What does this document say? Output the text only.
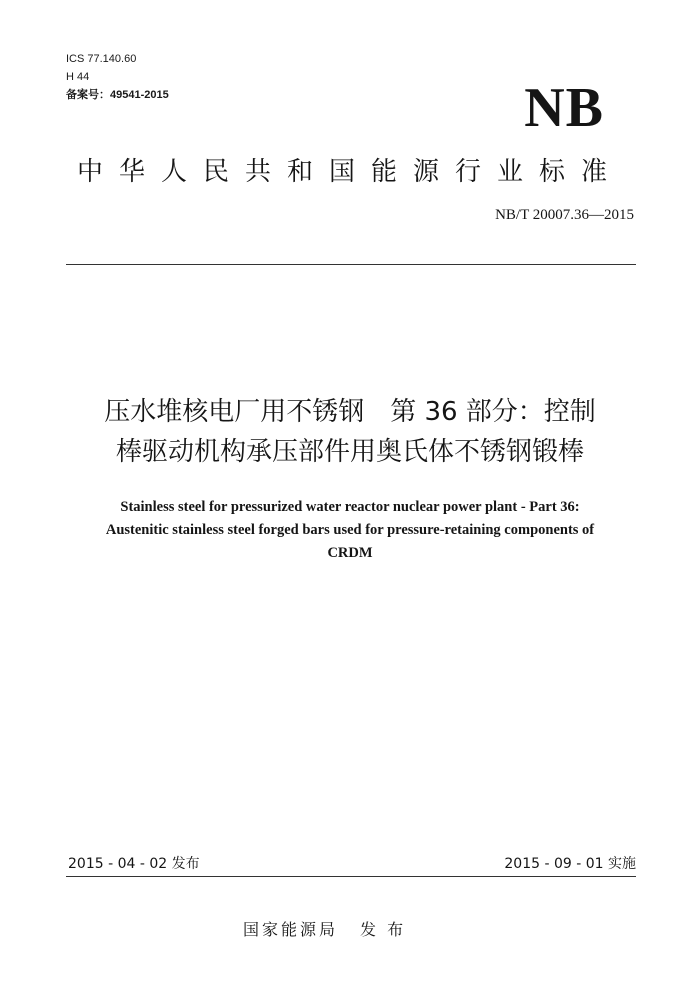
ICS 77.140.60
H 44
备案号：49541-2015	NB
中华人民共和国能源行业标准
NB/T 20007.36—2015
压水堆核电厂用不锈钢　第 36 部分：控制
棒驱动机构承压部件用奥氏体不锈钢锻棒
Stainless steel for pressurized water reactor nuclear power plant - Part 36:
Austenitic stainless steel forged bars used for pressure-retaining components of
CRDM
2015 - 04 - 02 发布	2015 - 09 - 01 实施
国家能源局 发 布
